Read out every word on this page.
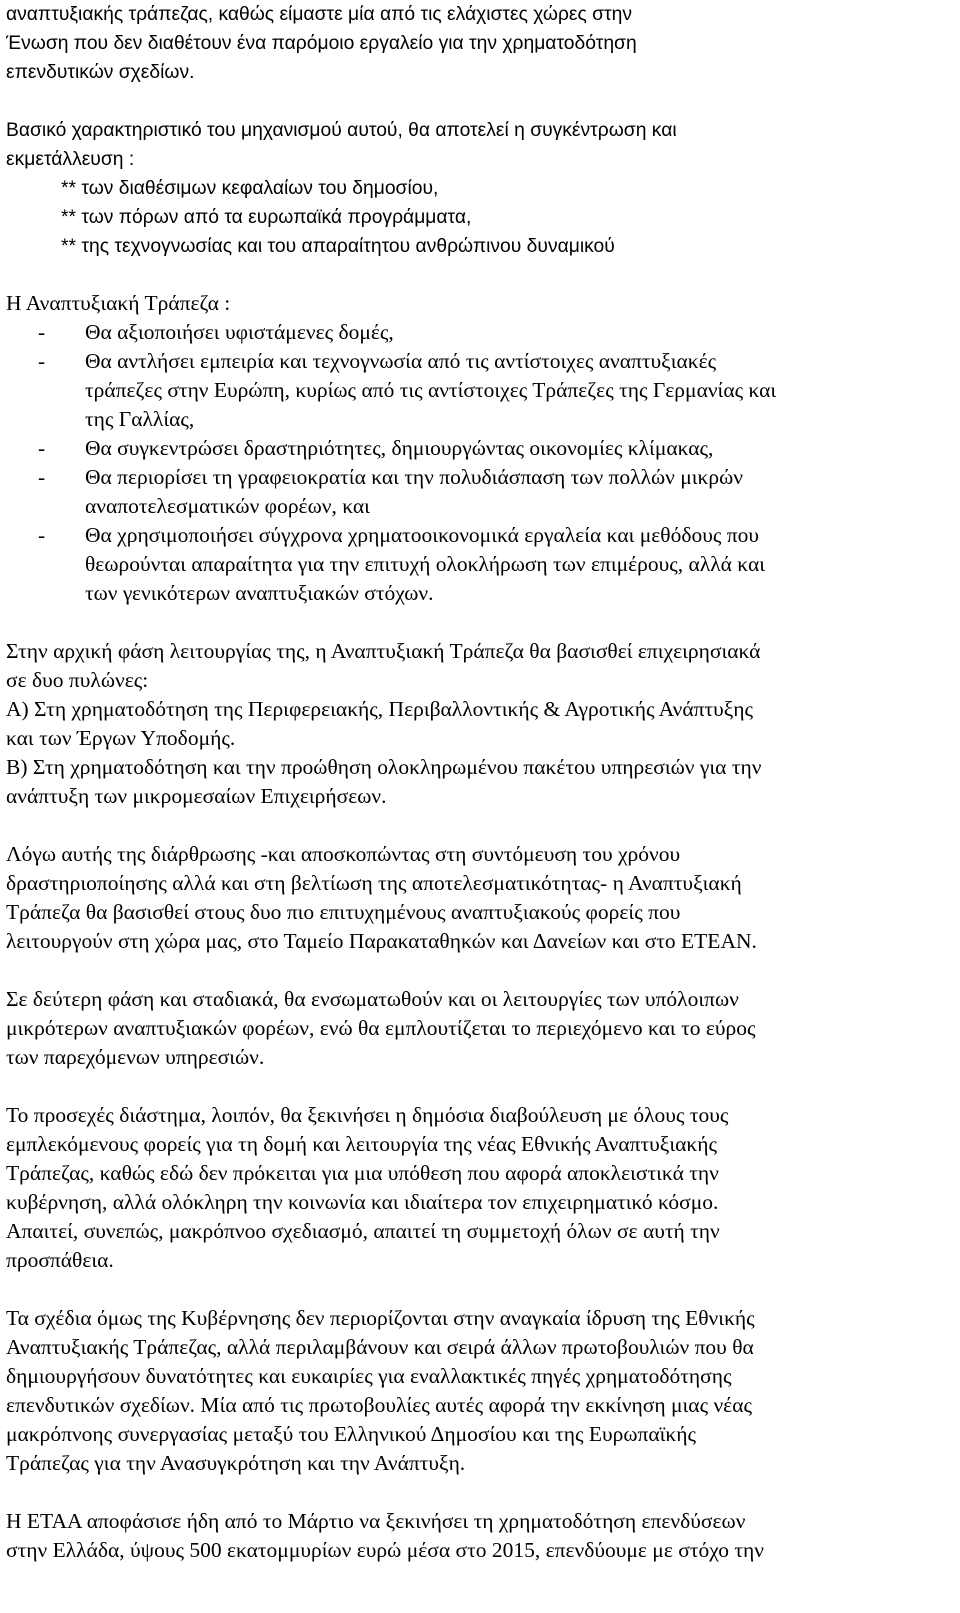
αναπτυξιακής τράπεζας, καθώς είμαστε μία από τις ελάχιστες χώρες στην
Ένωση που δεν διαθέτουν ένα παρόμοιο εργαλείο για την χρηματοδότηση
επενδυτικών σχεδίων.
Βασικό χαρακτηριστικό του μηχανισμού αυτού, θα αποτελεί η συγκέντρωση και
εκμετάλλευση :
** των διαθέσιμων κεφαλαίων του δημοσίου,
** των πόρων από τα ευρωπαϊκά προγράμματα,
** της τεχνογνωσίας και του απαραίτητου ανθρώπινου δυναμικού
Η Αναπτυξιακή Τράπεζα :
- Θα αξιοποιήσει υφιστάμενες δομές,
- Θα αντλήσει εμπειρία και τεχνογνωσία από τις αντίστοιχες αναπτυξιακές
τράπεζες στην Ευρώπη, κυρίως από τις αντίστοιχες Τράπεζες της Γερμανίας και
της Γαλλίας,
- Θα συγκεντρώσει δραστηριότητες, δημιουργώντας οικονομίες κλίμακας,
- Θα περιορίσει τη γραφειοκρατία και την πολυδιάσπαση των πολλών μικρών
αναποτελεσματικών φορέων, και
- Θα χρησιμοποιήσει σύγχρονα χρηματοοικονομικά εργαλεία και μεθόδους που
θεωρούνται απαραίτητα για την επιτυχή ολοκλήρωση των επιμέρους, αλλά και
των γενικότερων αναπτυξιακών στόχων.
Στην αρχική φάση λειτουργίας της, η Αναπτυξιακή Τράπεζα θα βασισθεί επιχειρησιακά
σε δυο πυλώνες:
Α) Στη χρηματοδότηση της Περιφερειακής, Περιβαλλοντικής & Αγροτικής Ανάπτυξης
και των Έργων Υποδομής.
Β) Στη χρηματοδότηση και την προώθηση ολοκληρωμένου πακέτου υπηρεσιών για την
ανάπτυξη των μικρομεσαίων Επιχειρήσεων.
Λόγω αυτής της διάρθρωσης -και αποσκοπώντας στη συντόμευση του χρόνου
δραστηριοποίησης αλλά και στη βελτίωση της αποτελεσματικότητας- η Αναπτυξιακή
Τράπεζα θα βασισθεί στους δυο πιο επιτυχημένους αναπτυξιακούς φορείς που
λειτουργούν στη χώρα μας, στο Ταμείο Παρακαταθηκών και Δανείων και στο ΕΤΕΑΝ.
Σε δεύτερη φάση και σταδιακά, θα ενσωματωθούν και οι λειτουργίες των υπόλοιπων
μικρότερων αναπτυξιακών φορέων, ενώ θα εμπλουτίζεται το περιεχόμενο και το εύρος
των παρεχόμενων υπηρεσιών.
Το προσεχές διάστημα, λοιπόν, θα ξεκινήσει η δημόσια διαβούλευση με όλους τους
εμπλεκόμενους φορείς για τη δομή και λειτουργία της νέας Εθνικής Αναπτυξιακής
Τράπεζας, καθώς εδώ δεν πρόκειται για μια υπόθεση που αφορά αποκλειστικά την
κυβέρνηση, αλλά ολόκληρη την κοινωνία και ιδιαίτερα τον επιχειρηματικό κόσμο.
Απαιτεί, συνεπώς, μακρόπνοο σχεδιασμό, απαιτεί τη συμμετοχή όλων σε αυτή την
προσπάθεια.
Τα σχέδια όμως της Κυβέρνησης δεν περιορίζονται στην αναγκαία ίδρυση της Εθνικής
Αναπτυξιακής Τράπεζας, αλλά περιλαμβάνουν και σειρά άλλων πρωτοβουλιών που θα
δημιουργήσουν δυνατότητες και ευκαιρίες για εναλλακτικές πηγές χρηματοδότησης
επενδυτικών σχεδίων. Μία από τις πρωτοβουλίες αυτές αφορά την εκκίνηση μιας νέας
μακρόπνοης συνεργασίας μεταξύ του Ελληνικού Δημοσίου και της Ευρωπαϊκής
Τράπεζας για την Ανασυγκρότηση και την Ανάπτυξη.
Η ΕΤΑΑ αποφάσισε ήδη από το Μάρτιο να ξεκινήσει τη χρηματοδότηση επενδύσεων
στην Ελλάδα, ύψους 500 εκατομμυρίων ευρώ μέσα στο 2015, επενδύουμε με στόχο την
